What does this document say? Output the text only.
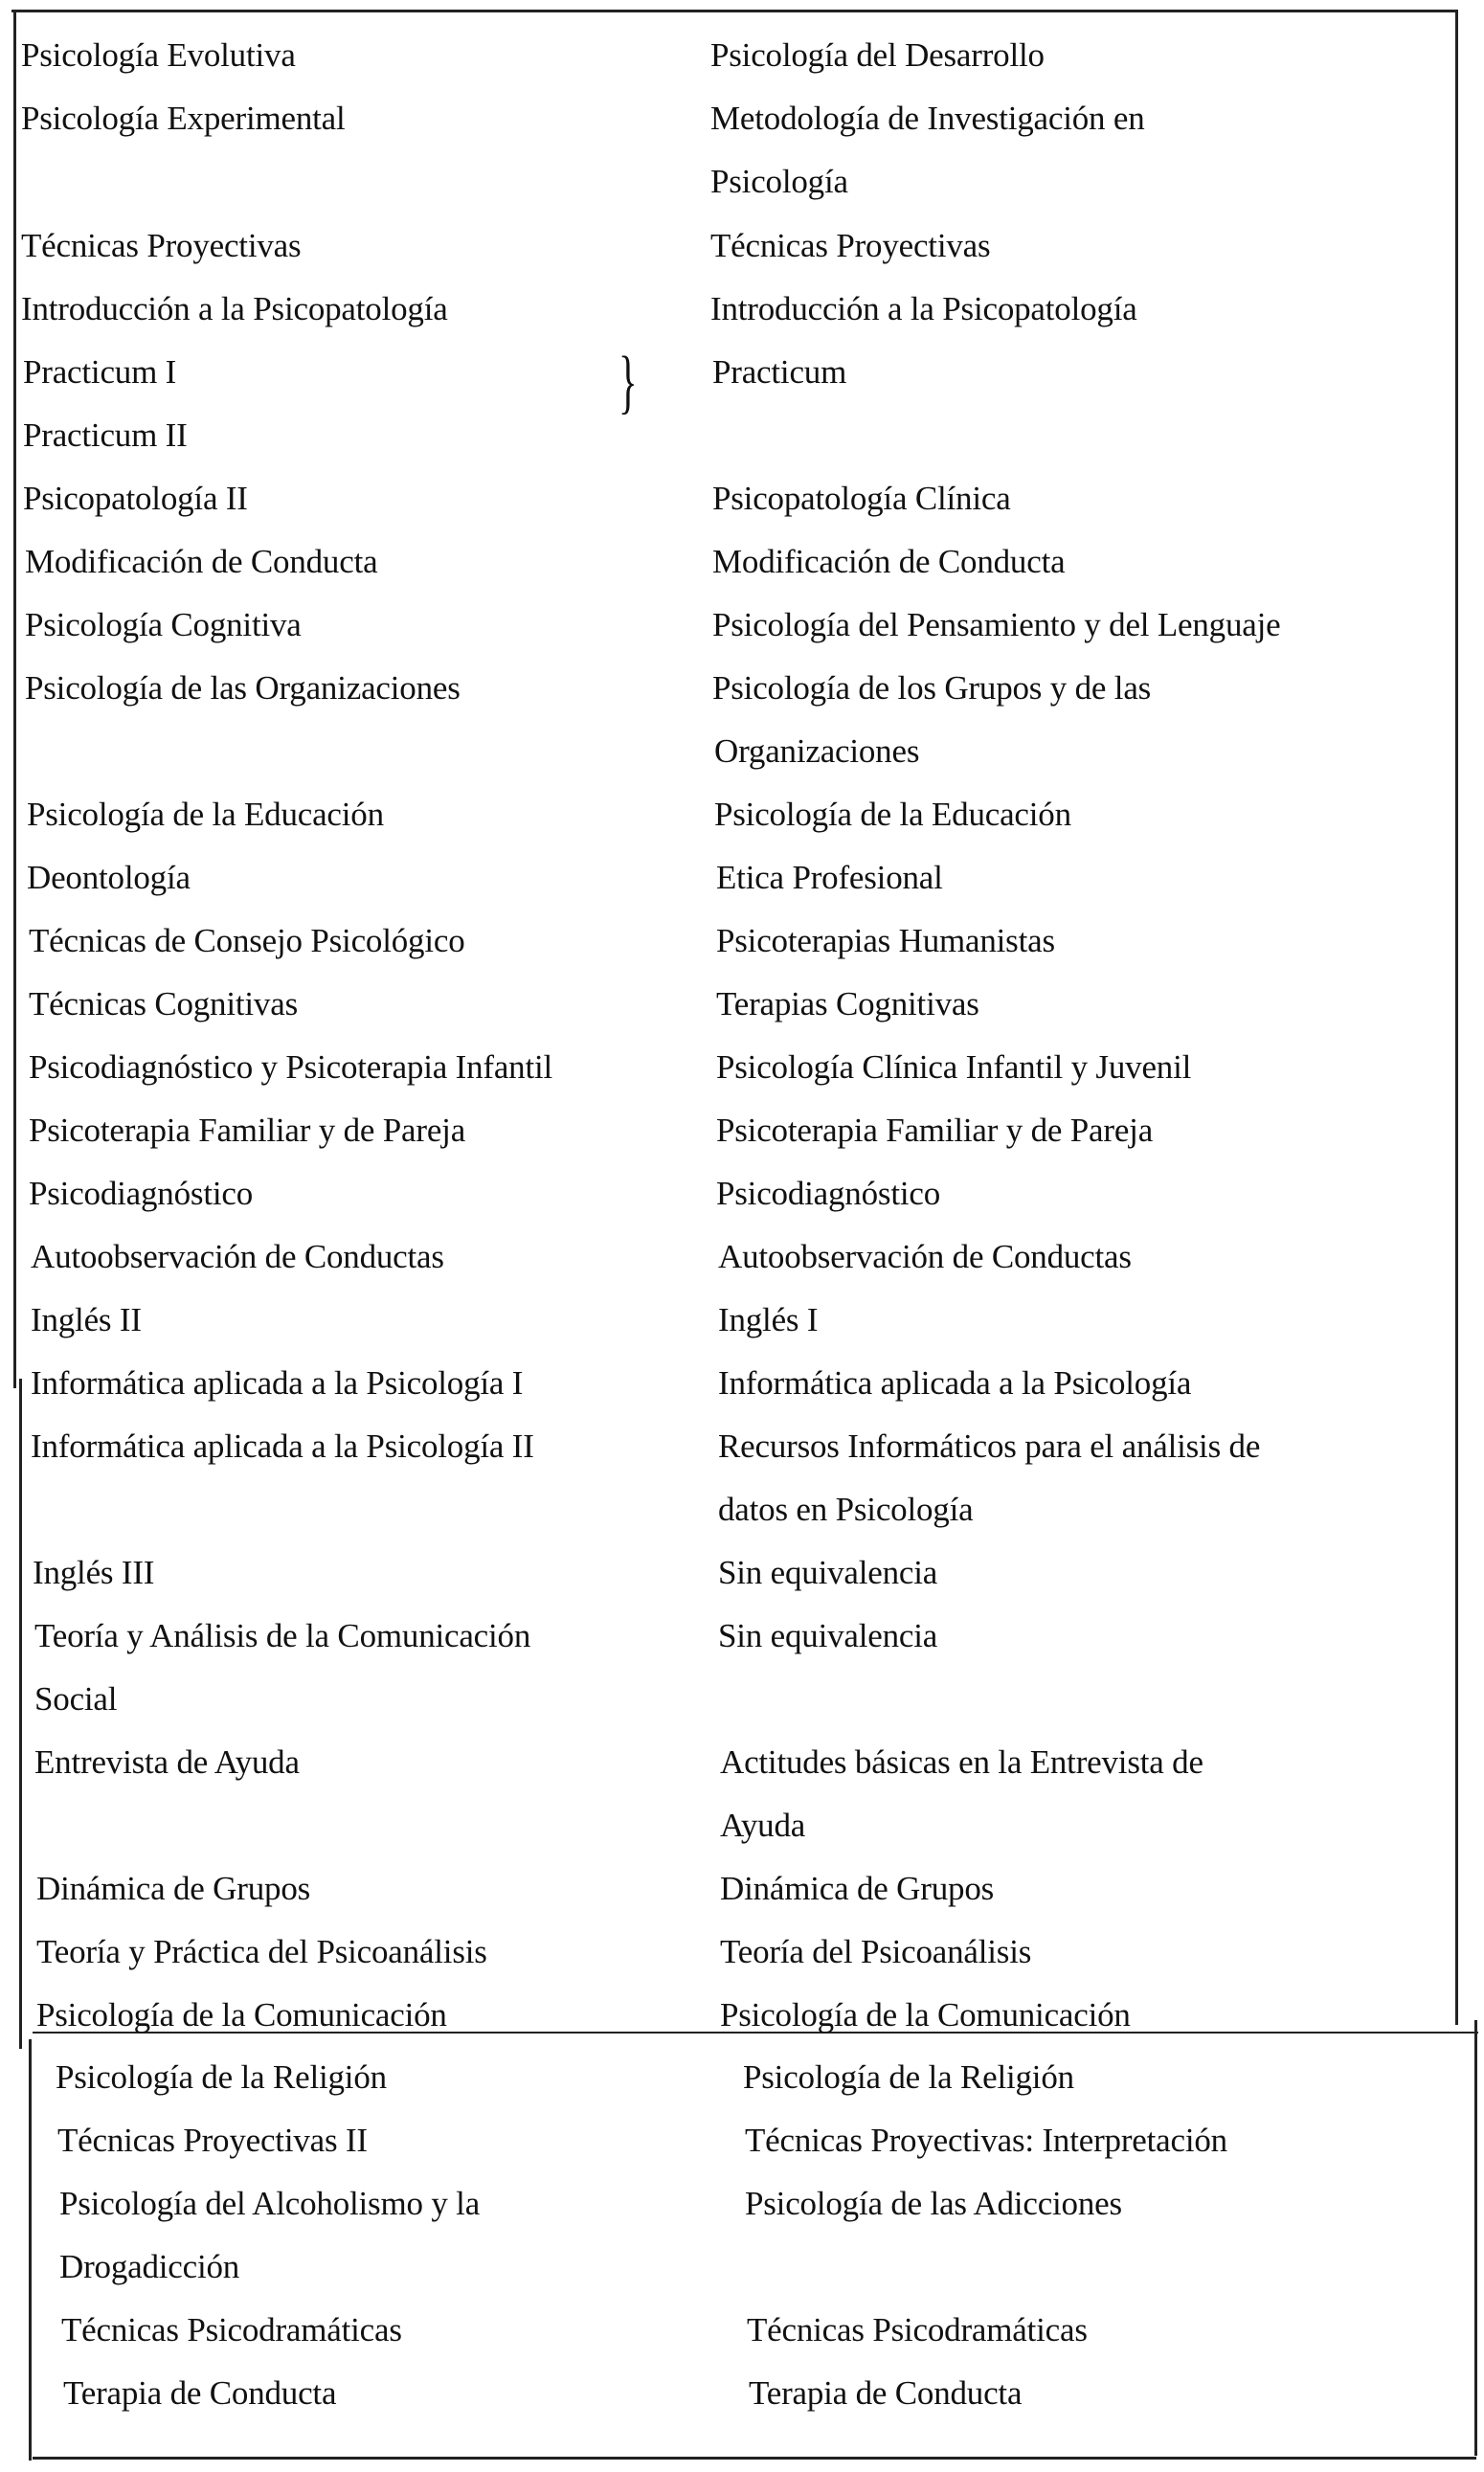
}
Psicología Evolutiva	Psicología del Desarrollo
Psicología Experimental	Metodología de Investigación en
Psicología
Técnicas Proyectivas	Técnicas Proyectivas
Introducción a la Psicopatología	Introducción a la Psicopatología
Practicum I	Practicum
Practicum II
Psicopatología II	Psicopatología Clínica
Modificación de Conducta	Modificación de Conducta
Psicología Cognitiva	Psicología del Pensamiento y del Lenguaje
Psicología de las Organizaciones	Psicología de los Grupos y de las
Organizaciones
Psicología de la Educación	Psicología de la Educación
Deontología	Etica Profesional
Técnicas de Consejo Psicológico	Psicoterapias Humanistas
Técnicas Cognitivas	Terapias Cognitivas
Psicodiagnóstico y Psicoterapia Infantil	Psicología Clínica Infantil y Juvenil
Psicoterapia Familiar y de Pareja	Psicoterapia Familiar y de Pareja
Psicodiagnóstico	Psicodiagnóstico
Autoobservación de Conductas	Autoobservación de Conductas
Inglés II	Inglés I
Informática aplicada a la Psicología I	Informática aplicada a la Psicología
Informática aplicada a la Psicología II	Recursos Informáticos para el análisis de
datos en Psicología
Inglés III	Sin equivalencia
Teoría y Análisis de la Comunicación	Sin equivalencia
Social
Entrevista de Ayuda	Actitudes básicas en la Entrevista de
Ayuda
Dinámica de Grupos	Dinámica de Grupos
Teoría y Práctica del Psicoanálisis	Teoría del Psicoanálisis
Psicología de la Comunicación	Psicología de la Comunicación
Psicología de la Religión	Psicología de la Religión
Técnicas Proyectivas II	Técnicas Proyectivas: Interpretación
Psicología del Alcoholismo y la	Psicología de las Adicciones
Drogadicción
Técnicas Psicodramáticas	Técnicas Psicodramáticas
Terapia de Conducta	Terapia de Conducta
